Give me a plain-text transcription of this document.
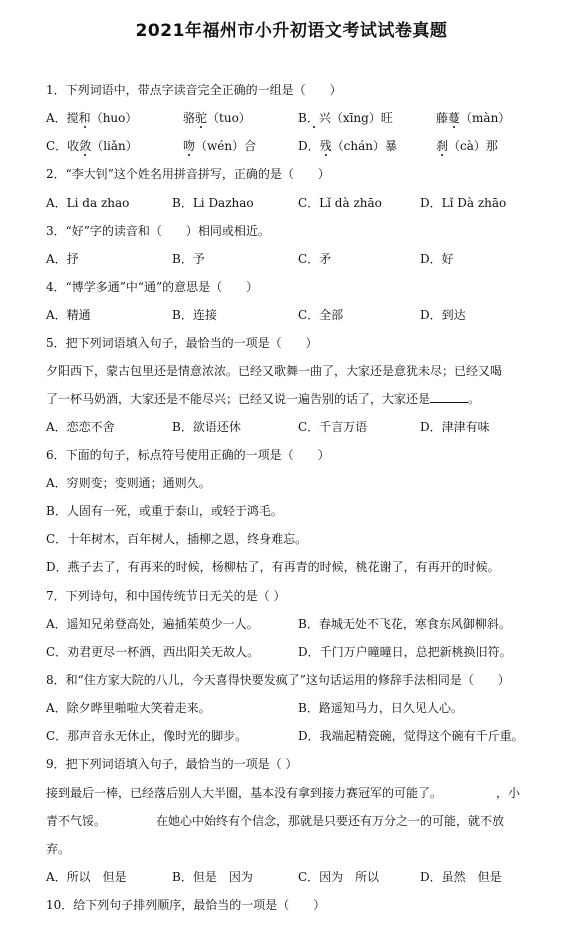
2021年福州市小升初语文考试试卷真题
1．下列词语中，带点字读音完全正确的一组是（　　）
A．搅和（huo）	骆驼（tuo）	B．兴（xīng）旺	藤蔓（màn）
C．收敛（liǎn）	吻（wén）合	D．残（chán）暴	刹（cà）那
2．“李大钊”这个姓名用拼音拼写，正确的是（　　）
A．Li da zhao	B．Li Dazhao	C．Lǐ dà zhāo	D．Lǐ Dà zhāo
3．“好”字的读音和（　　）相同或相近。
A．抒	B．予	C．矛	D．好
4．“博学多通”中“通”的意思是（　　）
A．精通	B．连接	C．全部	D．到达
5．把下列词语填入句子，最恰当的一项是（　　）
夕阳西下，蒙古包里还是情意浓浓。已经又歌舞一曲了，大家还是意犹未尽；已经又喝
了一杯马奶酒，大家还是不能尽兴；已经又说一遍告别的话了，大家还是	。
A．恋恋不舍	B．欲语还休	C．千言万语	D．津津有味
6．下面的句子，标点符号使用正确的一项是（　　）
A．穷则变；变则通；通则久。
B．人固有一死，或重于泰山，或轻于鸿毛。
C．十年树木，百年树人，插柳之恩，终身难忘。
D．燕子去了，有再来的时候，杨柳枯了，有再青的时候，桃花谢了，有再开的时候。
7．下列诗句，和中国传统节日无关的是（ ）
A．遥知兄弟登高处，遍插茱萸少一人。	B．春城无处不飞花，寒食东风御柳斜。
C．劝君更尽一杯酒，西出阳关无故人。	D．千门万户曈曈日，总把新桃换旧符。
8．和“住方家大院的八儿，今天喜得快要发疯了”这句话运用的修辞手法相同是（　　）
A．除夕晔里啪啦大笑着走来。	B．路遥知马力，日久见人心。
C．那声音永无休止，像时光的脚步。	D．我端起精瓷碗，觉得这个碗有千斤重。
9．把下列词语填入句子，最恰当的一项是（ ）
接到最后一棒，已经落后别人大半圈，基本没有拿到接力赛冠军的可能了。	，小
青不气馁。	在她心中始终有个信念，那就是只要还有万分之一的可能，就不放
弃。
A．所以　但是	B．但是　因为	C．因为　所以	D．虽然　但是
10．给下列句子排列顺序，最恰当的一项是（　　）
